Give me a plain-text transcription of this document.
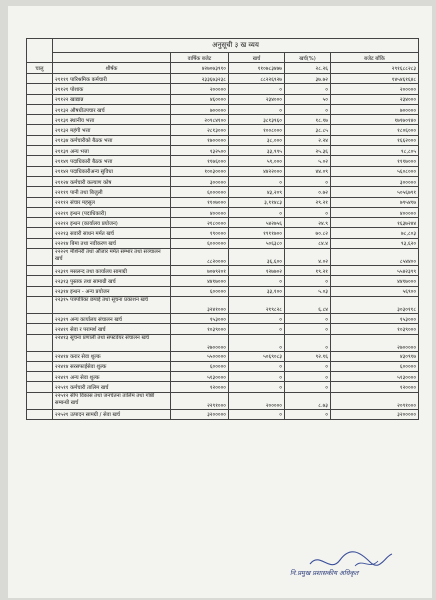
	अनुसूची ३ ख व्यय				
		वार्षिक बजेट	खर्च	खर्च(%)	बजेट बाँकि
चालु	शीर्षक	४२७०७३९१०	११०७८३४७७	२८.२६	२९१६८८२८३
	२११११ पारिश्रमिक कर्मचारी	२३३६७३२३८	८८२२६९२७	३७.७२	१४५४६१६४८
	२११२१ पोशाक	२०००००	०	०	२०००००
	२११२२ खाद्यान्न	४६००००	२३४०००	५०	२३४०००
	२११३२ औषधीउपचार खर्च	७०००००	०	०	७०००००
	२११३१ स्थानीय भत्ता	२०९८४१००	३८१३९६०	१८.१७	१७१७०१४०
	२११३२ महंगी भत्ता	२८१३०००	१००८०००	३८.८५	१८०६०००
	२११३४ कर्मचारीको बैठक भत्ता	१७०००००	३८,०००	२.२४	१६६२०००
	२११३९ अन्य भत्ता	१३२५००	३३,९९५	२५.३६	९८,८०५
	२११४१ पदाधिकारी बैठक भत्ता	११७६०००	५९,०००	५.०२	१११७०००
	२११४२ पदाधिकारीअन्य सुविधा	१००३००००	४४२२०००	४४.०९	५६०८०००
	२११२४ कर्मचारी कल्याण कोष	३०००००	०	०	३०००००
	२२१११ पानी तथा बिजुली	६००००००	४३,२०९	०.७२	५०५६७९१
	२२११२ संचार महसुल	११०७०००	३,११४८३	२९.२१	७९५४१७
	२२२११ इन्धन (पदाधिकारी)	४०००००	०	०	४०००००
	२२२१२ इन्धन (कार्यालय प्रयोजन)	२१८००००	५४२७५६	२४.९	१६३७२४४
	२२२१३ सवारी साधन मर्मत खर्च	१९००००	१९११७००	७०.८२	७८,८०३
	२२२१४ बिमा तथा नवीकरण खर्च	६००००००	५०६३८०	८४.४	९३,६२०
	२२२२१ मेशिनरी तथा औजार मर्मत सम्भार तथा सञ्चालन खर्च	८८२००००	३६,६००	४.०२	८५४४००
	२२३११ मसलन्द तथा कार्यालय सामाग्री	७०७९२०१	१२७७०२	१९.२१	५५४२३९९
	२२३१३ पुस्तक तथा सामाग्री खर्च	४४१७०००	०	०	४४१७०००
	२२३१४ इन्धन - अन्य प्रयोजन	६०००००	३३,१००	५.०३	५६९००
	२२३१५ पत्रपत्रिका छपाई तथा सूचना प्रकाशन खर्च	३२४१०००	२१९८२८	६.८४	३०३०११८
	२२३१९ अन्य कार्यालय संचालन खर्च	१५३०००	०	०	१५३०००
	२२४११ सेवा र परामर्श खर्च	१०३९०००	०	०	१०३९०००
	२२४१३ सूचना प्रणाली तथा सफ्टवेयर संचालन खर्च	२७०००००	०	०	२७०००००
	२२४१४ करार सेवा शुल्क	५५०००००	५०६९०८३	९२.१६	४३०९१७
	२२४१४ सरसफाईसेवा शुल्क	६०००००	०	०	६०००००
	२२४१९ अन्य सेवा शुल्क	५१३००००	०	०	५१३००००
	२२५११ कर्मचारी तालिम खर्च	१२००००	०	०	१२००००
	२२५१२ सीप विकास तथा जनचेतना तालिम तथा गोष्ठी सम्बन्धी खर्च	२२९१०००	२०००००	८.७३	२०९१०००
	२२५२१ उत्पादन सामग्री / सेवा खर्च	३२०००००	०	०	३२०००००
नि.प्रमुख प्रशासकीय अधिकृत
